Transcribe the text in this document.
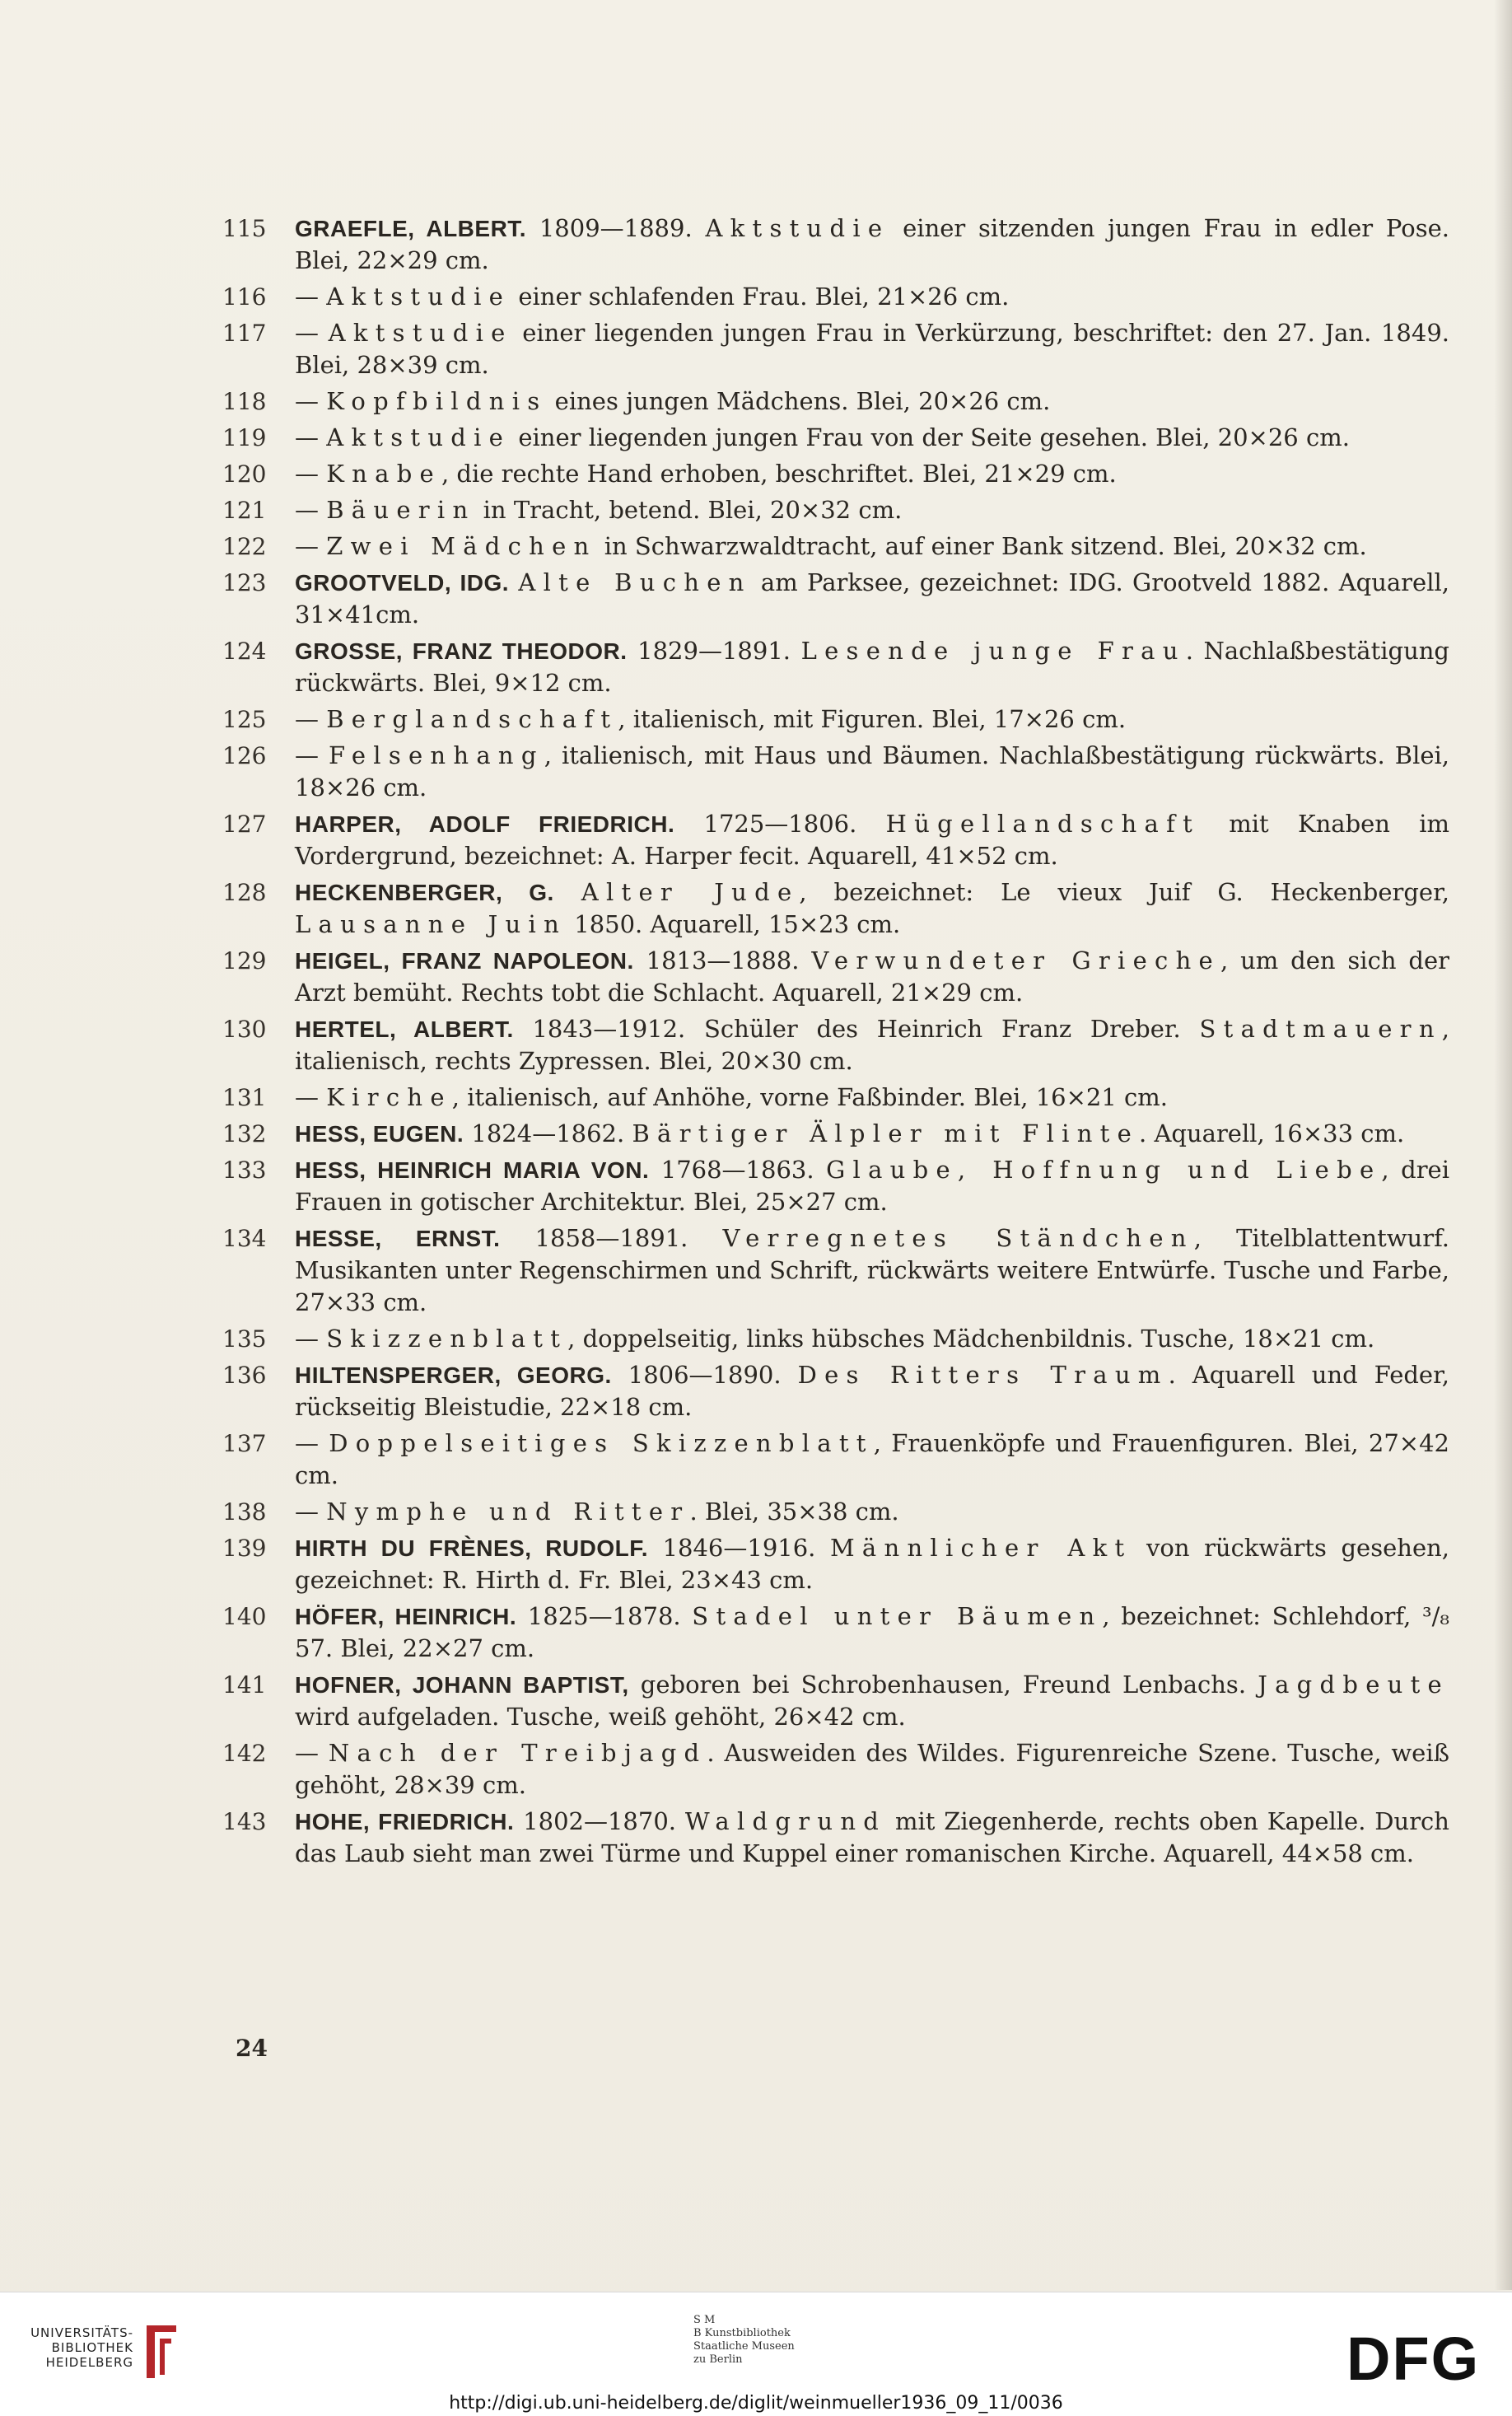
115	GRAEFLE, ALBERT. 1809—1889. Aktstudie einer sitzenden jungen Frau in edler Pose. Blei, 22×29 cm.
116	— Aktstudie einer schlafenden Frau. Blei, 21×26 cm.
117	— Aktstudie einer liegenden jungen Frau in Verkürzung, beschriftet: den 27. Jan. 1849. Blei, 28×39 cm.
118	— Kopfbildnis eines jungen Mädchens. Blei, 20×26 cm.
119	— Aktstudie einer liegenden jungen Frau von der Seite gesehen. Blei, 20×26 cm.
120	— Knabe, die rechte Hand erhoben, beschriftet. Blei, 21×29 cm.
121	— Bäuerin in Tracht, betend. Blei, 20×32 cm.
122	— Zwei Mädchen in Schwarzwaldtracht, auf einer Bank sitzend. Blei, 20×32 cm.
123	GROOTVELD, IDG. Alte Buchen am Parksee, gezeichnet: IDG. Grootveld 1882. Aquarell, 31×41cm.
124	GROSSE, FRANZ THEODOR. 1829—1891. Lesende junge Frau. Nachlaßbestätigung rückwärts. Blei, 9×12 cm.
125	— Berglandschaft, italienisch, mit Figuren. Blei, 17×26 cm.
126	— Felsenhang, italienisch, mit Haus und Bäumen. Nachlaßbestätigung rückwärts. Blei, 18×26 cm.
127	HARPER, ADOLF FRIEDRICH. 1725—1806. Hügellandschaft mit Knaben im Vordergrund, bezeichnet: A. Harper fecit. Aquarell, 41×52 cm.
128	HECKENBERGER, G. Alter Jude, bezeichnet: Le vieux Juif G. Heckenberger, Lausanne Juin 1850. Aquarell, 15×23 cm.
129	HEIGEL, FRANZ NAPOLEON. 1813—1888. Verwundeter Grieche, um den sich der Arzt bemüht. Rechts tobt die Schlacht. Aquarell, 21×29 cm.
130	HERTEL, ALBERT. 1843—1912. Schüler des Heinrich Franz Dreber. Stadtmauern, italienisch, rechts Zypressen. Blei, 20×30 cm.
131	— Kirche, italienisch, auf Anhöhe, vorne Faßbinder. Blei, 16×21 cm.
132	HESS, EUGEN. 1824—1862. Bärtiger Älpler mit Flinte. Aquarell, 16×33 cm.
133	HESS, HEINRICH MARIA VON. 1768—1863. Glaube, Hoffnung und Liebe, drei Frauen in gotischer Architektur. Blei, 25×27 cm.
134	HESSE, ERNST. 1858—1891. Verregnetes Ständchen, Titelblattentwurf. Musikanten unter Regenschirmen und Schrift, rückwärts weitere Entwürfe. Tusche und Farbe, 27×33 cm.
135	— Skizzenblatt, doppelseitig, links hübsches Mädchenbildnis. Tusche, 18×21 cm.
136	HILTENSPERGER, GEORG. 1806—1890. Des Ritters Traum. Aquarell und Feder, rückseitig Bleistudie, 22×18 cm.
137	— Doppelseitiges Skizzenblatt, Frauenköpfe und Frauenfiguren. Blei, 27×42 cm.
138	— Nymphe und Ritter. Blei, 35×38 cm.
139	HIRTH DU FRÈNES, RUDOLF. 1846—1916. Männlicher Akt von rückwärts gesehen, gezeichnet: R. Hirth d. Fr. Blei, 23×43 cm.
140	HÖFER, HEINRICH. 1825—1878. Stadel unter Bäumen, bezeichnet: Schlehdorf, ³/₈ 57. Blei, 22×27 cm.
141	HOFNER, JOHANN BAPTIST, geboren bei Schrobenhausen, Freund Lenbachs. Jagdbeute wird aufgeladen. Tusche, weiß gehöht, 26×42 cm.
142	— Nach der Treibjagd. Ausweiden des Wildes. Figurenreiche Szene. Tusche, weiß gehöht, 28×39 cm.
143	HOHE, FRIEDRICH. 1802—1870. Waldgrund mit Ziegenherde, rechts oben Kapelle. Durch das Laub sieht man zwei Türme und Kuppel einer romanischen Kirche. Aquarell, 44×58 cm.
24
UNIVERSITÄTS-
BIBLIOTHEK
HEIDELBERG
S M
B Kunstbibliothek
Staatliche Museen
zu Berlin	DFG
http://digi.ub.uni-heidelberg.de/diglit/weinmueller1936_09_11/0036
